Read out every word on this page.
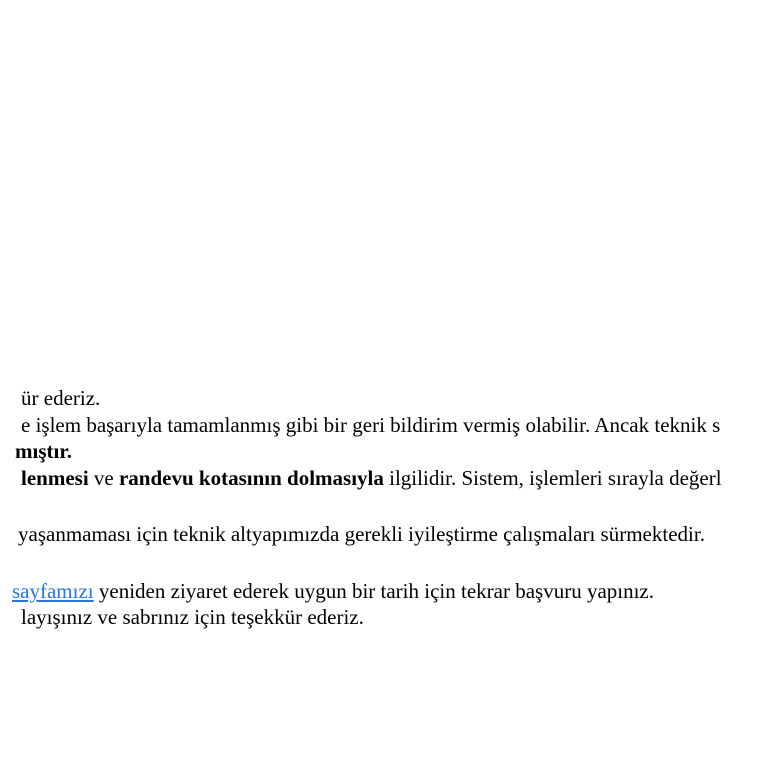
ür ederiz.

e işlem başarıyla tamamlanmış gibi bir geri bildirim vermiş olabilir. Ancak teknik s

mıştır.

lenmesi ve randevu kotasının dolmasıyla ilgilidir. Sistem, işlemleri sırayla değerl

yaşanmaması için teknik altyapımızda gerekli iyileştirme çalışmaları sürmektedir.

sayfamızı yeniden ziyaret ederek uygun bir tarih için tekrar başvuru yapınız.

layışınız ve sabrınız için teşekkür ederiz.
